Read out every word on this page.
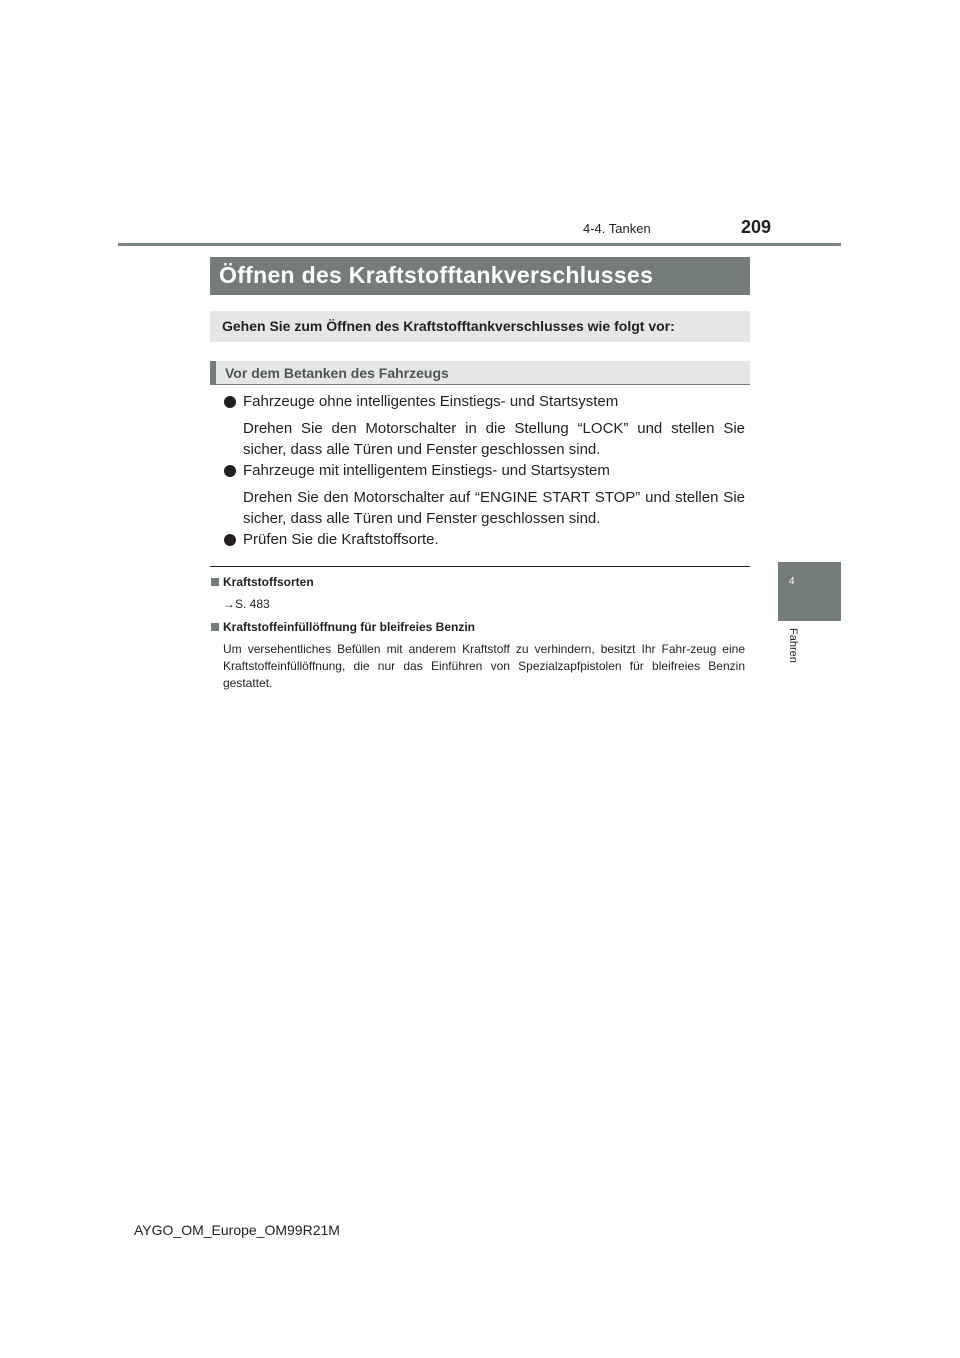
4-4. Tanken	209
Öffnen des Kraftstofftankverschlusses
Gehen Sie zum Öffnen des Kraftstofftankverschlusses wie folgt vor:
Vor dem Betanken des Fahrzeugs
Fahrzeuge ohne intelligentes Einstiegs- und Startsystem
Drehen Sie den Motorschalter in die Stellung “LOCK” und stellen Sie sicher, dass alle Türen und Fenster geschlossen sind.
Fahrzeuge mit intelligentem Einstiegs- und Startsystem
Drehen Sie den Motorschalter auf “ENGINE START STOP” und stellen Sie sicher, dass alle Türen und Fenster geschlossen sind.
Prüfen Sie die Kraftstoffsorte.
Kraftstoffsorten
→S. 483
Kraftstoffeinfüllöffnung für bleifreies Benzin
Um versehentliches Befüllen mit anderem Kraftstoff zu verhindern, besitzt Ihr Fahr-zeug eine Kraftstoffeinfüllöffnung, die nur das Einführen von Spezialzapfpistolen für bleifreies Benzin gestattet.
4
Fahren
AYGO_OM_Europe_OM99R21M
